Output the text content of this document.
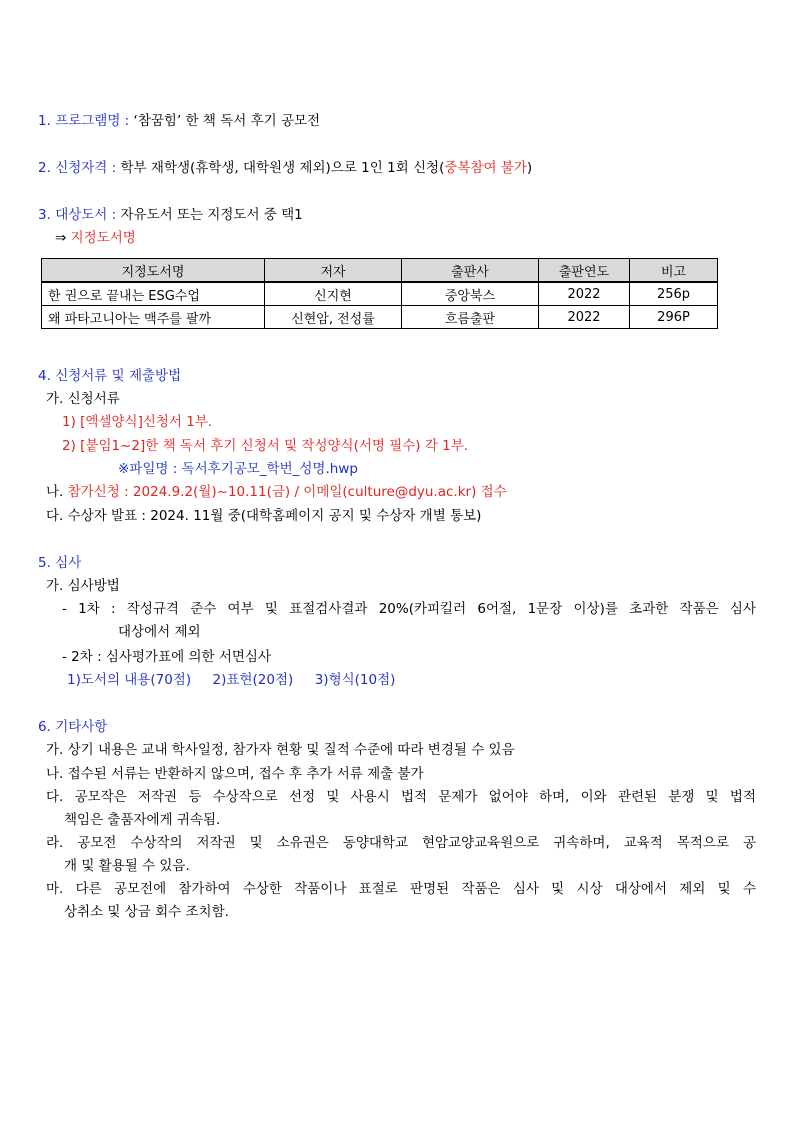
1. 프로그램명 : ‘참꿈힘’ 한 책 독서 후기 공모전
2. 신청자격 : 학부 재학생(휴학생, 대학원생 제외)으로 1인 1회 신청(중복참여 불가)
3. 대상도서 : 자유도서 또는 지정도서 중 택1
⇒ 지정도서명
지정도서명	저자	출판사	출판연도	비고
한 권으로 끝내는 ESG수업	신지현	중앙북스	2022	256p
왜 파타고니아는 맥주를 팔까	신현암, 전성률	흐름출판	2022	296P
4. 신청서류 및 제출방법
가. 신청서류
1) [엑셀양식]신청서 1부.
2) [붙임1~2]한 책 독서 후기 신청서 및 작성양식(서명 필수) 각 1부.
※파일명 : 독서후기공모_학번_성명.hwp
나. 참가신청 : 2024.9.2(월)~10.11(금) / 이메일(culture@dyu.ac.kr) 접수
다. 수상자 발표 : 2024. 11월 중(대학홈페이지 공지 및 수상자 개별 통보)
5. 심사
가. 심사방법
- 1차 : 작성규격 준수 여부 및 표절검사결과 20%(카피킬러 6어절, 1문장 이상)를 초과한 작품은 심사
대상에서 제외
- 2차 : 심사평가표에 의한 서면심사
1)도서의 내용(70점)     2)표현(20점)     3)형식(10점)
6. 기타사항
가. 상기 내용은 교내 학사일정, 참가자 현황 및 질적 수준에 따라 변경될 수 있음
나. 접수된 서류는 반환하지 않으며, 접수 후 추가 서류 제출 불가
다. 공모작은 저작권 등 수상작으로 선정 및 사용시 법적 문제가 없어야 하며, 이와 관련된 분쟁 및 법적
책임은 출품자에게 귀속됨.
라. 공모전 수상작의 저작권 및 소유권은 동양대학교 현암교양교육원으로 귀속하며, 교육적 목적으로 공
개 및 활용될 수 있음.
마. 다른 공모전에 참가하여 수상한 작품이나 표절로 판명된 작품은 심사 및 시상 대상에서 제외 및 수
상취소 및 상금 회수 조치함.
